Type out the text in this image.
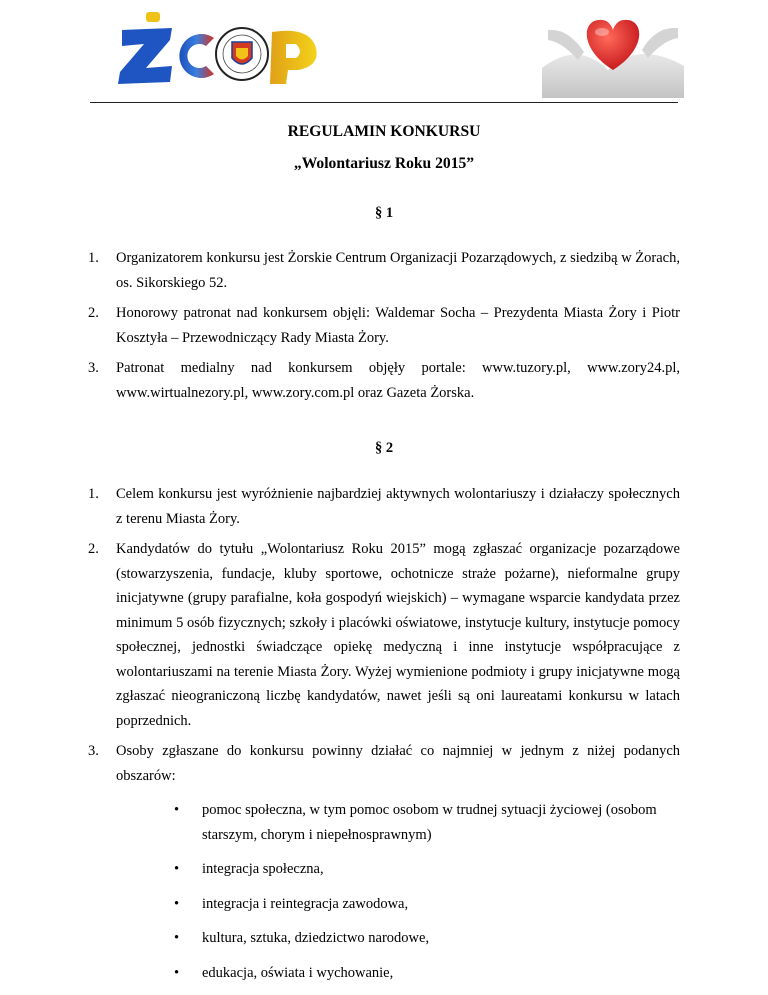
REGULAMIN KONKURSU
„Wolontariusz Roku 2015”
§ 1
1. Organizatorem konkursu jest Żorskie Centrum Organizacji Pozarządowych, z siedzibą w Żorach, os. Sikorskiego 52.
2. Honorowy patronat nad konkursem objęli: Waldemar Socha – Prezydenta Miasta Żory i Piotr Kosztyła – Przewodniczący Rady Miasta Żory.
3. Patronat medialny nad konkursem objęły portale: www.tuzory.pl, www.zory24.pl, www.wirtualnezory.pl, www.zory.com.pl oraz Gazeta Żorska.
§ 2
1. Celem konkursu jest wyróżnienie najbardziej aktywnych wolontariuszy i działaczy społecznych z terenu Miasta Żory.
2. Kandydatów do tytułu „Wolontariusz Roku 2015” mogą zgłaszać organizacje pozarządowe (stowarzyszenia, fundacje, kluby sportowe, ochotnicze straże pożarne), nieformalne grupy inicjatywne (grupy parafialne, koła gospodyń wiejskich) – wymagane wsparcie kandydata przez minimum 5 osób fizycznych; szkoły i placówki oświatowe, instytucje kultury, instytucje pomocy społecznej, jednostki świadczące opiekę medyczną i inne instytucje współpracujące z wolontariuszami na terenie Miasta Żory. Wyżej wymienione podmioty i grupy inicjatywne mogą zgłaszać nieograniczoną liczbę kandydatów, nawet jeśli są oni laureatami konkursu w latach poprzednich.
3. Osoby zgłaszane do konkursu powinny działać co najmniej w jednym z niżej podanych obszarów:
• pomoc społeczna, w tym pomoc osobom w trudnej sytuacji życiowej (osobom starszym, chorym i niepełnosprawnym)
• integracja społeczna,
• integracja i reintegracja zawodowa,
• kultura, sztuka, dziedzictwo narodowe,
• edukacja, oświata i wychowanie,
